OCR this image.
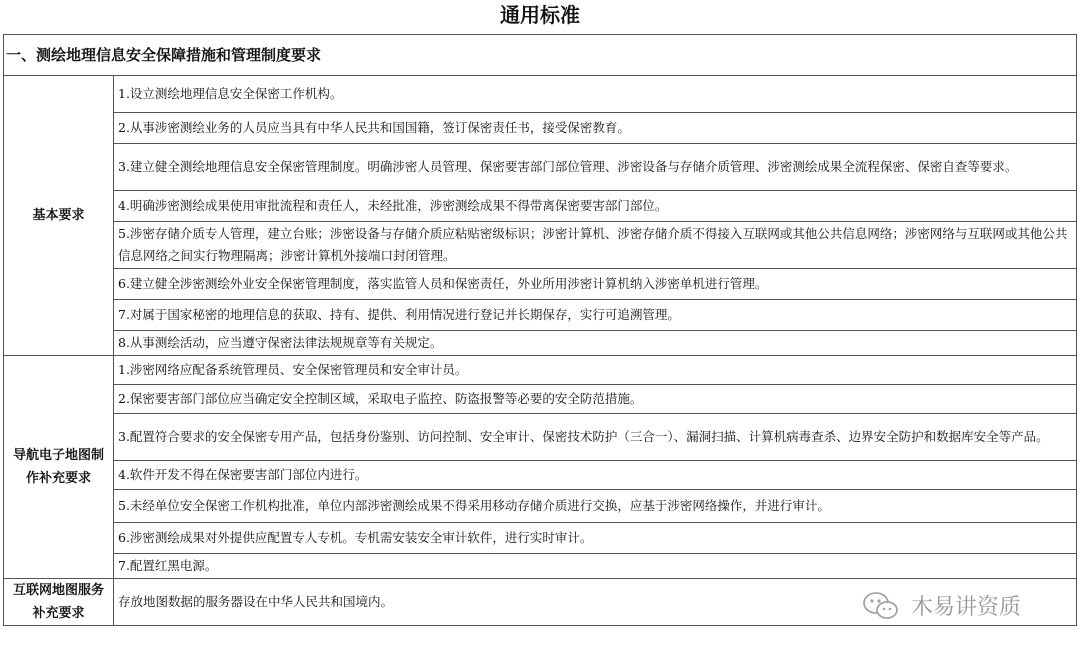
通用标准
一、测绘地理信息安全保障措施和管理制度要求	
基本要求	1.设立测绘地理信息安全保密工作机构。
	2.从事涉密测绘业务的人员应当具有中华人民共和国国籍，签订保密责任书，接受保密教育。
	3.建立健全测绘地理信息安全保密管理制度。明确涉密人员管理、保密要害部门部位管理、涉密设备与存储介质管理、涉密测绘成果全流程保密、保密自查等要求。
	4.明确涉密测绘成果使用审批流程和责任人，未经批准，涉密测绘成果不得带离保密要害部门部位。
	5.涉密存储介质专人管理，建立台账；涉密设备与存储介质应粘贴密级标识；涉密计算机、涉密存储介质不得接入互联网或其他公共信息网络；涉密网络与互联网或其他公共信息网络之间实行物理隔离；涉密计算机外接端口封闭管理。
	6.建立健全涉密测绘外业安全保密管理制度，落实监管人员和保密责任，外业所用涉密计算机纳入涉密单机进行管理。
	7.对属于国家秘密的地理信息的获取、持有、提供、利用情况进行登记并长期保存，实行可追溯管理。
	8.从事测绘活动，应当遵守保密法律法规规章等有关规定。
导航电子地图制作补充要求	1.涉密网络应配备系统管理员、安全保密管理员和安全审计员。
	2.保密要害部门部位应当确定安全控制区域，采取电子监控、防盗报警等必要的安全防范措施。
	3.配置符合要求的安全保密专用产品，包括身份鉴别、访问控制、安全审计、保密技术防护（三合一）、漏洞扫描、计算机病毒查杀、边界安全防护和数据库安全等产品。
	4.软件开发不得在保密要害部门部位内进行。
	5.未经单位安全保密工作机构批准，单位内部涉密测绘成果不得采用移动存储介质进行交换，应基于涉密网络操作，并进行审计。
	6.涉密测绘成果对外提供应配置专人专机。专机需安装安全审计软件，进行实时审计。
	7.配置红黑电源。
互联网地图服务补充要求	存放地图数据的服务器设在中华人民共和国境内。	木易讲资质
